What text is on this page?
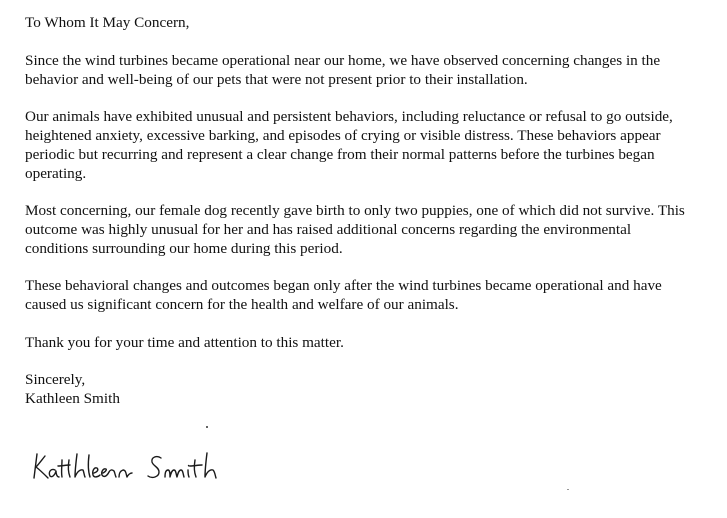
To Whom It May Concern,

Since the wind turbines became operational near our home, we have observed concerning changes in the behavior and well-being of our pets that were not present prior to their installation.

Our animals have exhibited unusual and persistent behaviors, including reluctance or refusal to go outside, heightened anxiety, excessive barking, and episodes of crying or visible distress. These behaviors appear periodic but recurring and represent a clear change from their normal patterns before the turbines began operating.

Most concerning, our female dog recently gave birth to only two puppies, one of which did not survive. This outcome was highly unusual for her and has raised additional concerns regarding the environmental conditions surrounding our home during this period.

These behavioral changes and outcomes began only after the wind turbines became operational and have caused us significant concern for the health and welfare of our animals.

Thank you for your time and attention to this matter.

Sincerely,
Kathleen Smith
